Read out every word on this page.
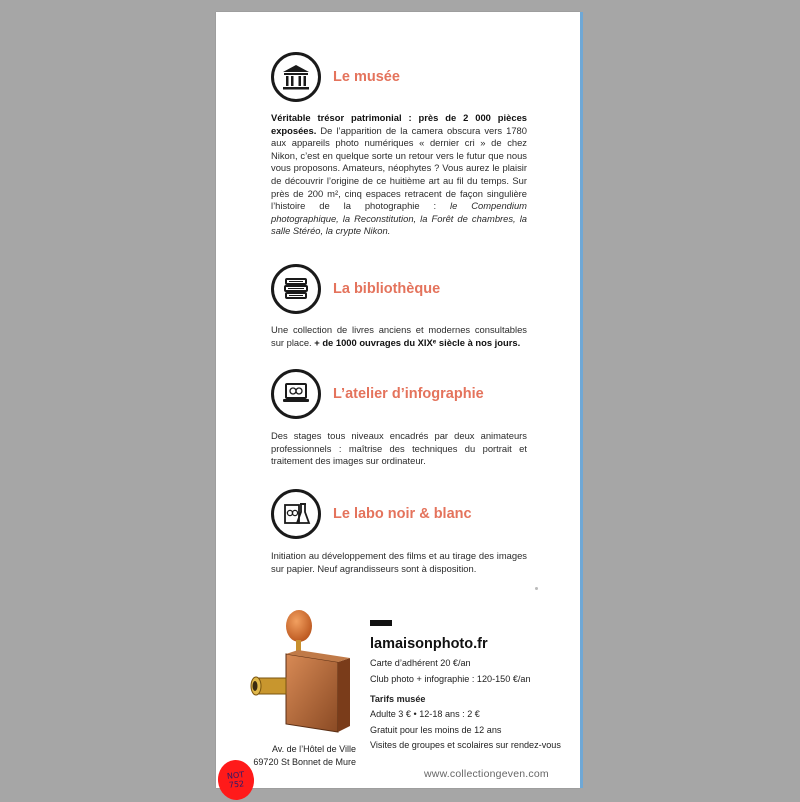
Le musée
Véritable trésor patrimonial : près de 2 000 pièces exposées. De l’apparition de la camera obscura vers 1780 aux appareils photo numériques « dernier cri » de chez Nikon, c’est en quelque sorte un retour vers le futur que nous vous proposons. Amateurs, néophytes ? Vous aurez le plaisir de découvrir l’origine de ce huitième art au fil du temps. Sur près de 200 m², cinq espaces retracent de façon singulière l’histoire de la photographie : le Compendium photographique, la Reconstitution, la Forêt de chambres, la salle Stéréo, la crypte Nikon.
La bibliothèque
Une collection de livres anciens et modernes consultables sur place. + de 1000 ouvrages du XIXᵉ siècle à nos jours.
L’atelier d’infographie
Des stages tous niveaux encadrés par deux animateurs professionnels : maîtrise des techniques du portrait et traitement des images sur ordinateur.
Le labo noir & blanc
Initiation au développement des films et au tirage des images sur papier. Neuf agrandisseurs sont à disposition.
Av. de l’Hôtel de Ville
69720 St Bonnet de Mure
lamaisonphoto.fr
Carte d’adhérent 20 €/an
Club photo + infographie : 120-150 €/an
Tarifs musée
Adulte 3 € • 12-18 ans : 2 €
Gratuit pour les moins de 12 ans
Visites de groupes et scolaires sur rendez-vous
www.collectiongeven.com
NOT
752
